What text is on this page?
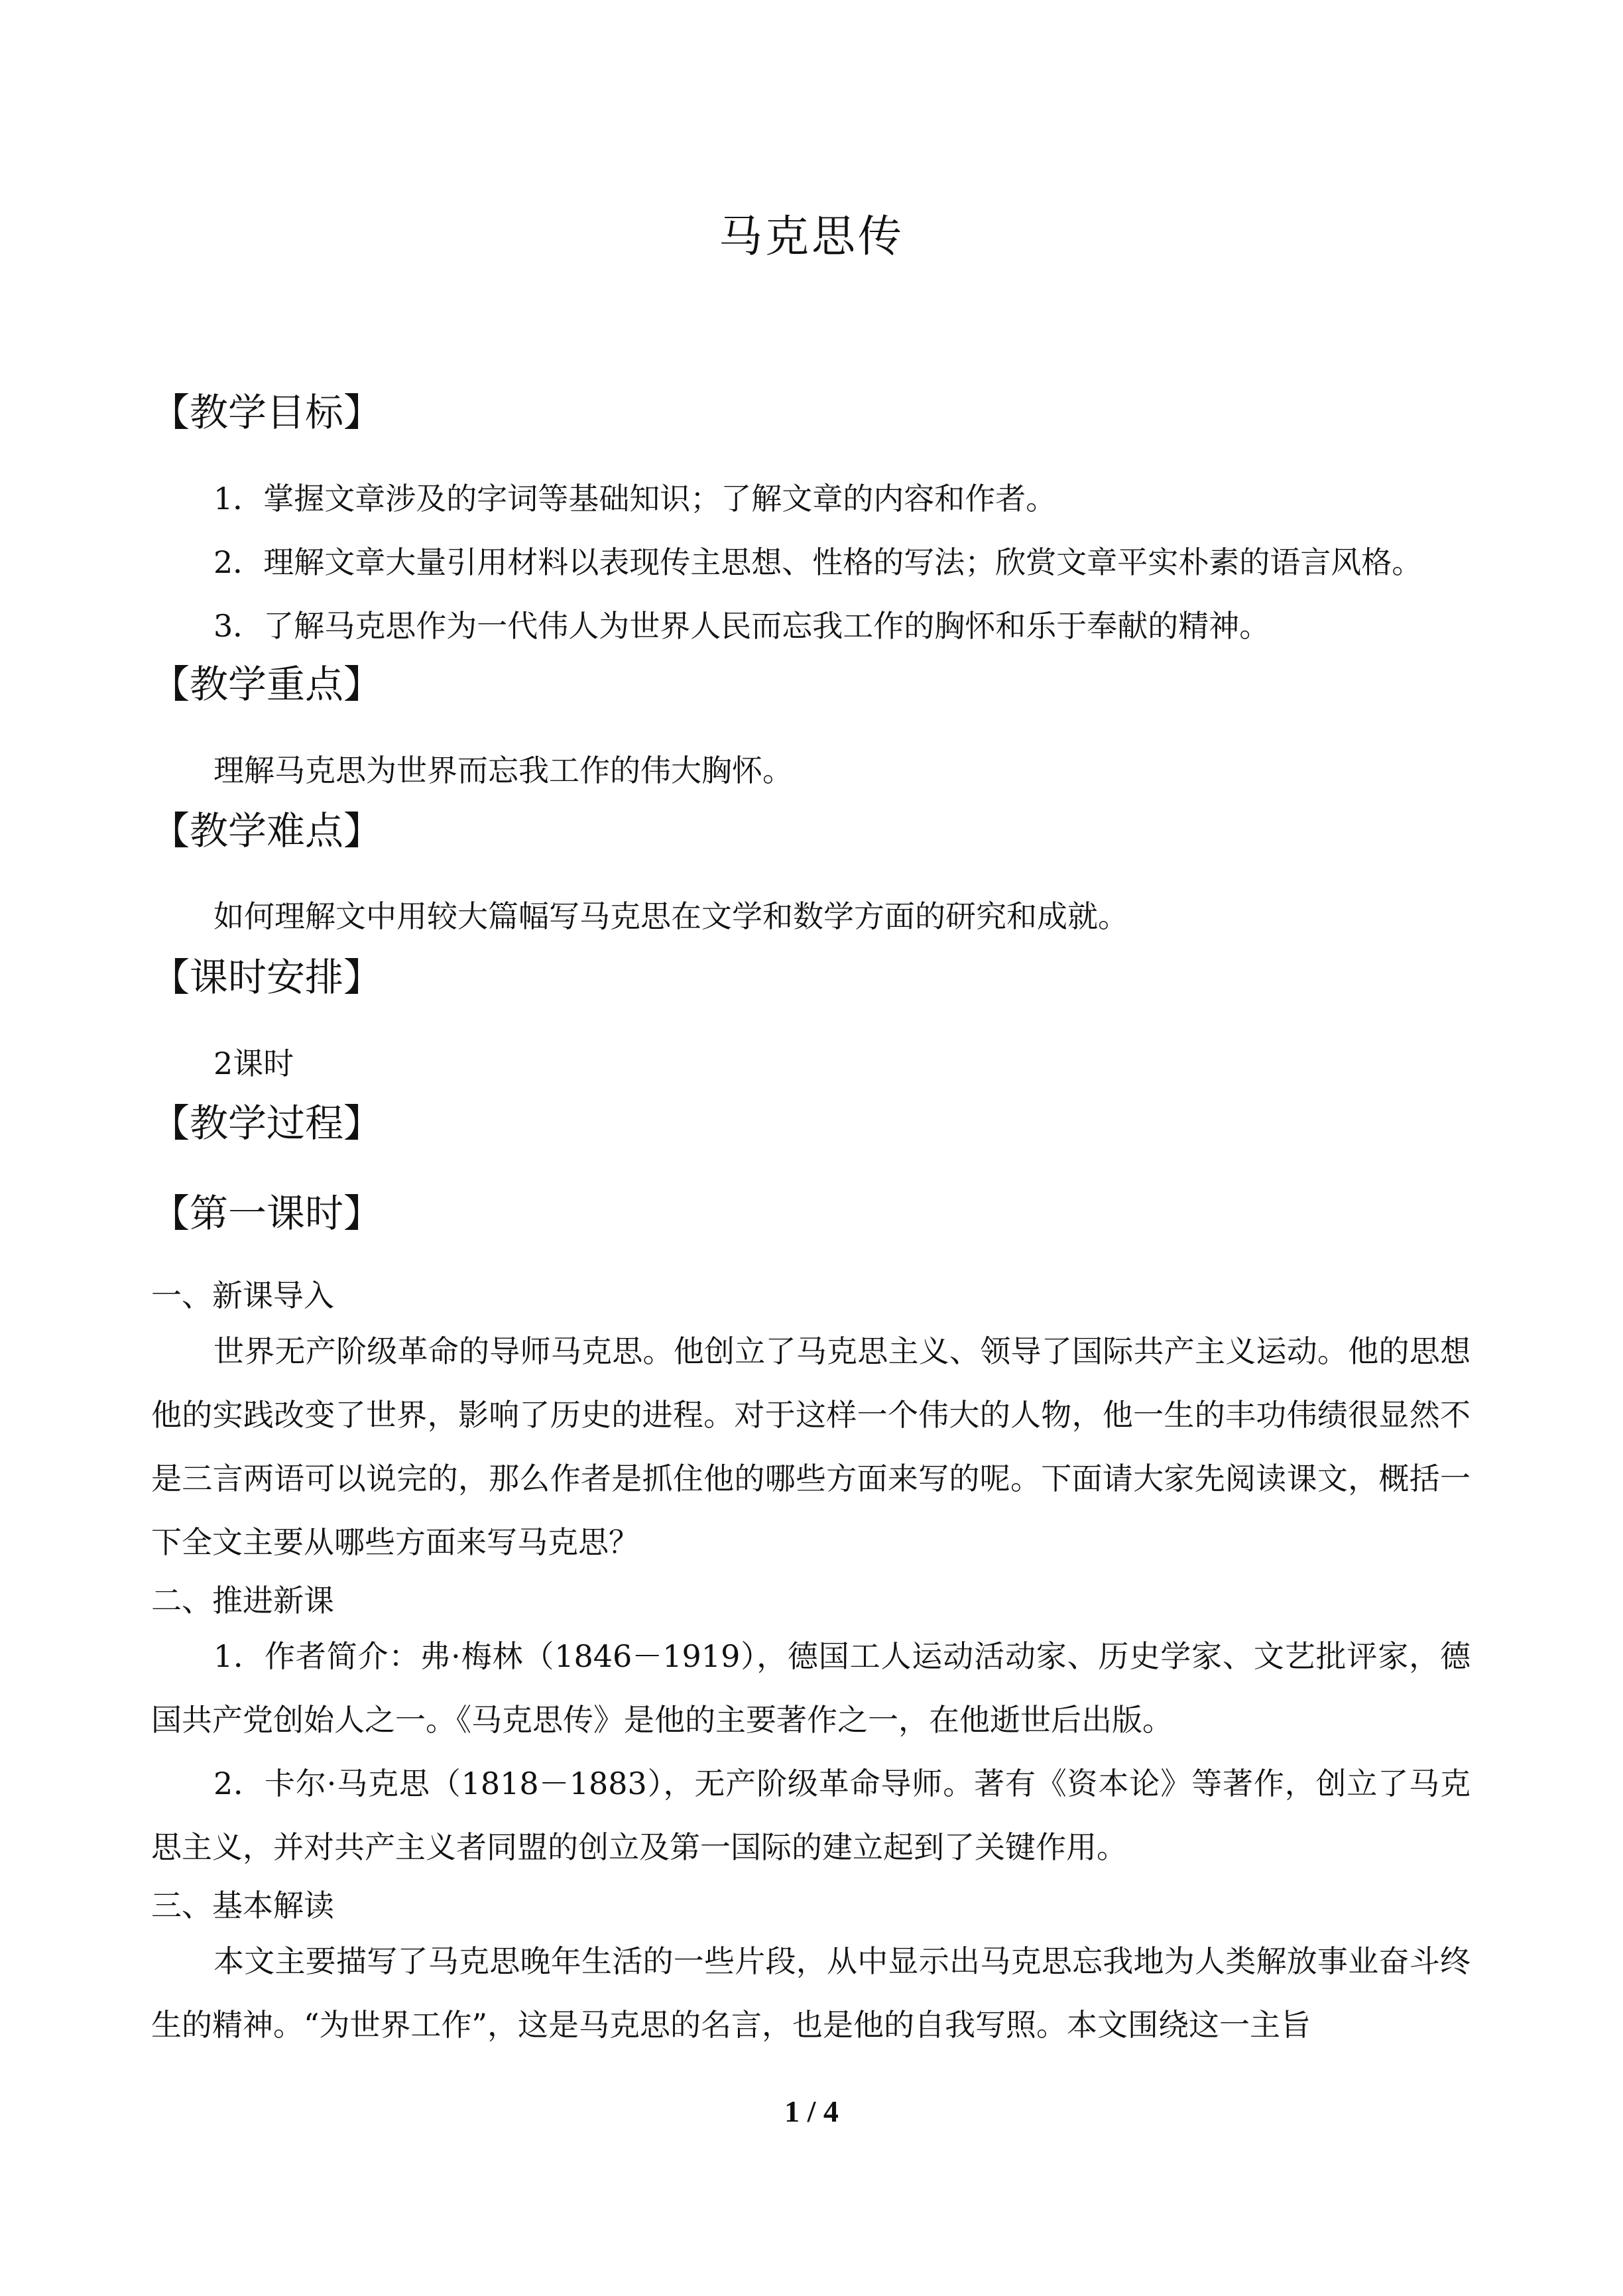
马克思传
【教学目标】
1．掌握文章涉及的字词等基础知识；了解文章的内容和作者。
2．理解文章大量引用材料以表现传主思想、性格的写法；欣赏文章平实朴素的语言风格。
3．了解马克思作为一代伟人为世界人民而忘我工作的胸怀和乐于奉献的精神。
【教学重点】
理解马克思为世界而忘我工作的伟大胸怀。
【教学难点】
如何理解文中用较大篇幅写马克思在文学和数学方面的研究和成就。
【课时安排】
2课时
【教学过程】
【第一课时】
一、新课导入
世界无产阶级革命的导师马克思。他创立了马克思主义、领导了国际共产主义运动。他的思想他的实践改变了世界，影响了历史的进程。对于这样一个伟大的人物，他一生的丰功伟绩很显然不是三言两语可以说完的，那么作者是抓住他的哪些方面来写的呢。下面请大家先阅读课文，概括一下全文主要从哪些方面来写马克思？
二、推进新课
1．作者简介：弗·梅林（1846－1919），德国工人运动活动家、历史学家、文艺批评家，德国共产党创始人之一。《马克思传》是他的主要著作之一，在他逝世后出版。
2．卡尔·马克思（1818－1883），无产阶级革命导师。著有《资本论》等著作，创立了马克思主义，并对共产主义者同盟的创立及第一国际的建立起到了关键作用。
三、基本解读
本文主要描写了马克思晚年生活的一些片段，从中显示出马克思忘我地为人类解放事业奋斗终生的精神。“为世界工作”，这是马克思的名言，也是他的自我写照。本文围绕这一主旨
1 / 4
